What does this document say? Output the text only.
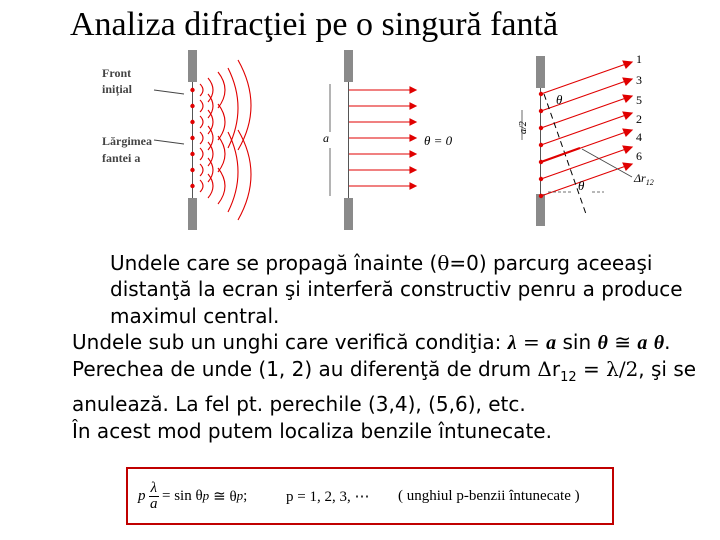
Analiza difracţiei pe o singură fantă
Front
inițial
Lărgimea
fantei a
a	θ = 0
a/2
θ
θ
1
3
5
2
4
6
$\Delta r_{12}$

Undele care se propagă înainte (θ=0) parcurg aceeaşi distanţă la ecran şi interferă constructiv penru a produce maximul central.

Undele sub un unghi care verifică condiţia: λ = a sin θ ≅ a θ. Perechea de unde (1, 2) au diferenţă de drum $\Delta r_{12} = \lambda/2$, şi se anulează. La fel pt. perechile (3,4), (5,6), etc.

În acest mod putem localiza benzile întunecate.

p $\frac{\lambda}{a} = \sin \theta$ p ≅ θ p ;	p = 1, 2, 3, ⋯ ( unghiul p-benzii întunecate )
